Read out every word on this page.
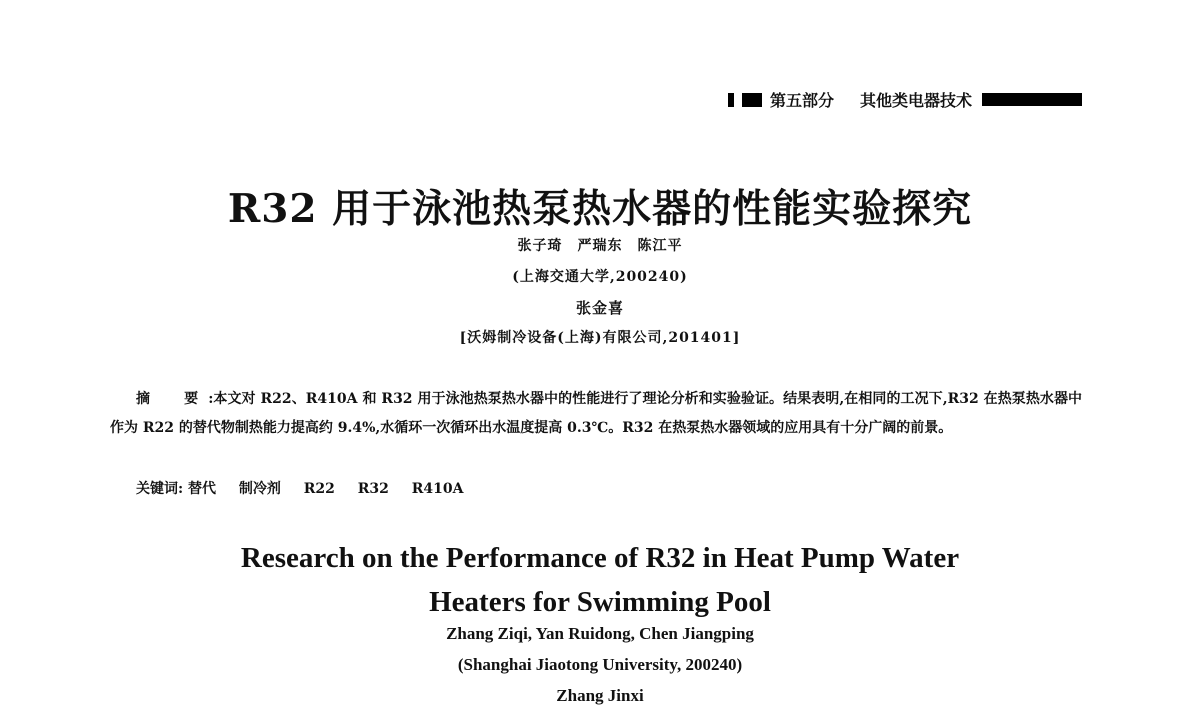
第五部分 其他类电器技术
R32 用于泳池热泵热水器的性能实验探究
张子琦　严瑞东　陈江平
(上海交通大学,200240)
张金喜
[沃姆制冷设备(上海)有限公司,201401]
摘　要:本文对 R22、R410A 和 R32 用于泳池热泵热水器中的性能进行了理论分析和实验验证。结果表明,在相同的工况下,R32 在热泵热水器中作为 R22 的替代物制热能力提高约 9.4%,水循环一次循环出水温度提高 0.3℃。R32 在热泵热水器领域的应用具有十分广阔的前景。
关键词: 替代 制冷剂 R22 R32 R410A
Research on the Performance of R32 in Heat Pump Water
Heaters for Swimming Pool
Zhang Ziqi, Yan Ruidong, Chen Jiangping
(Shanghai Jiaotong University, 200240)
Zhang Jinxi
